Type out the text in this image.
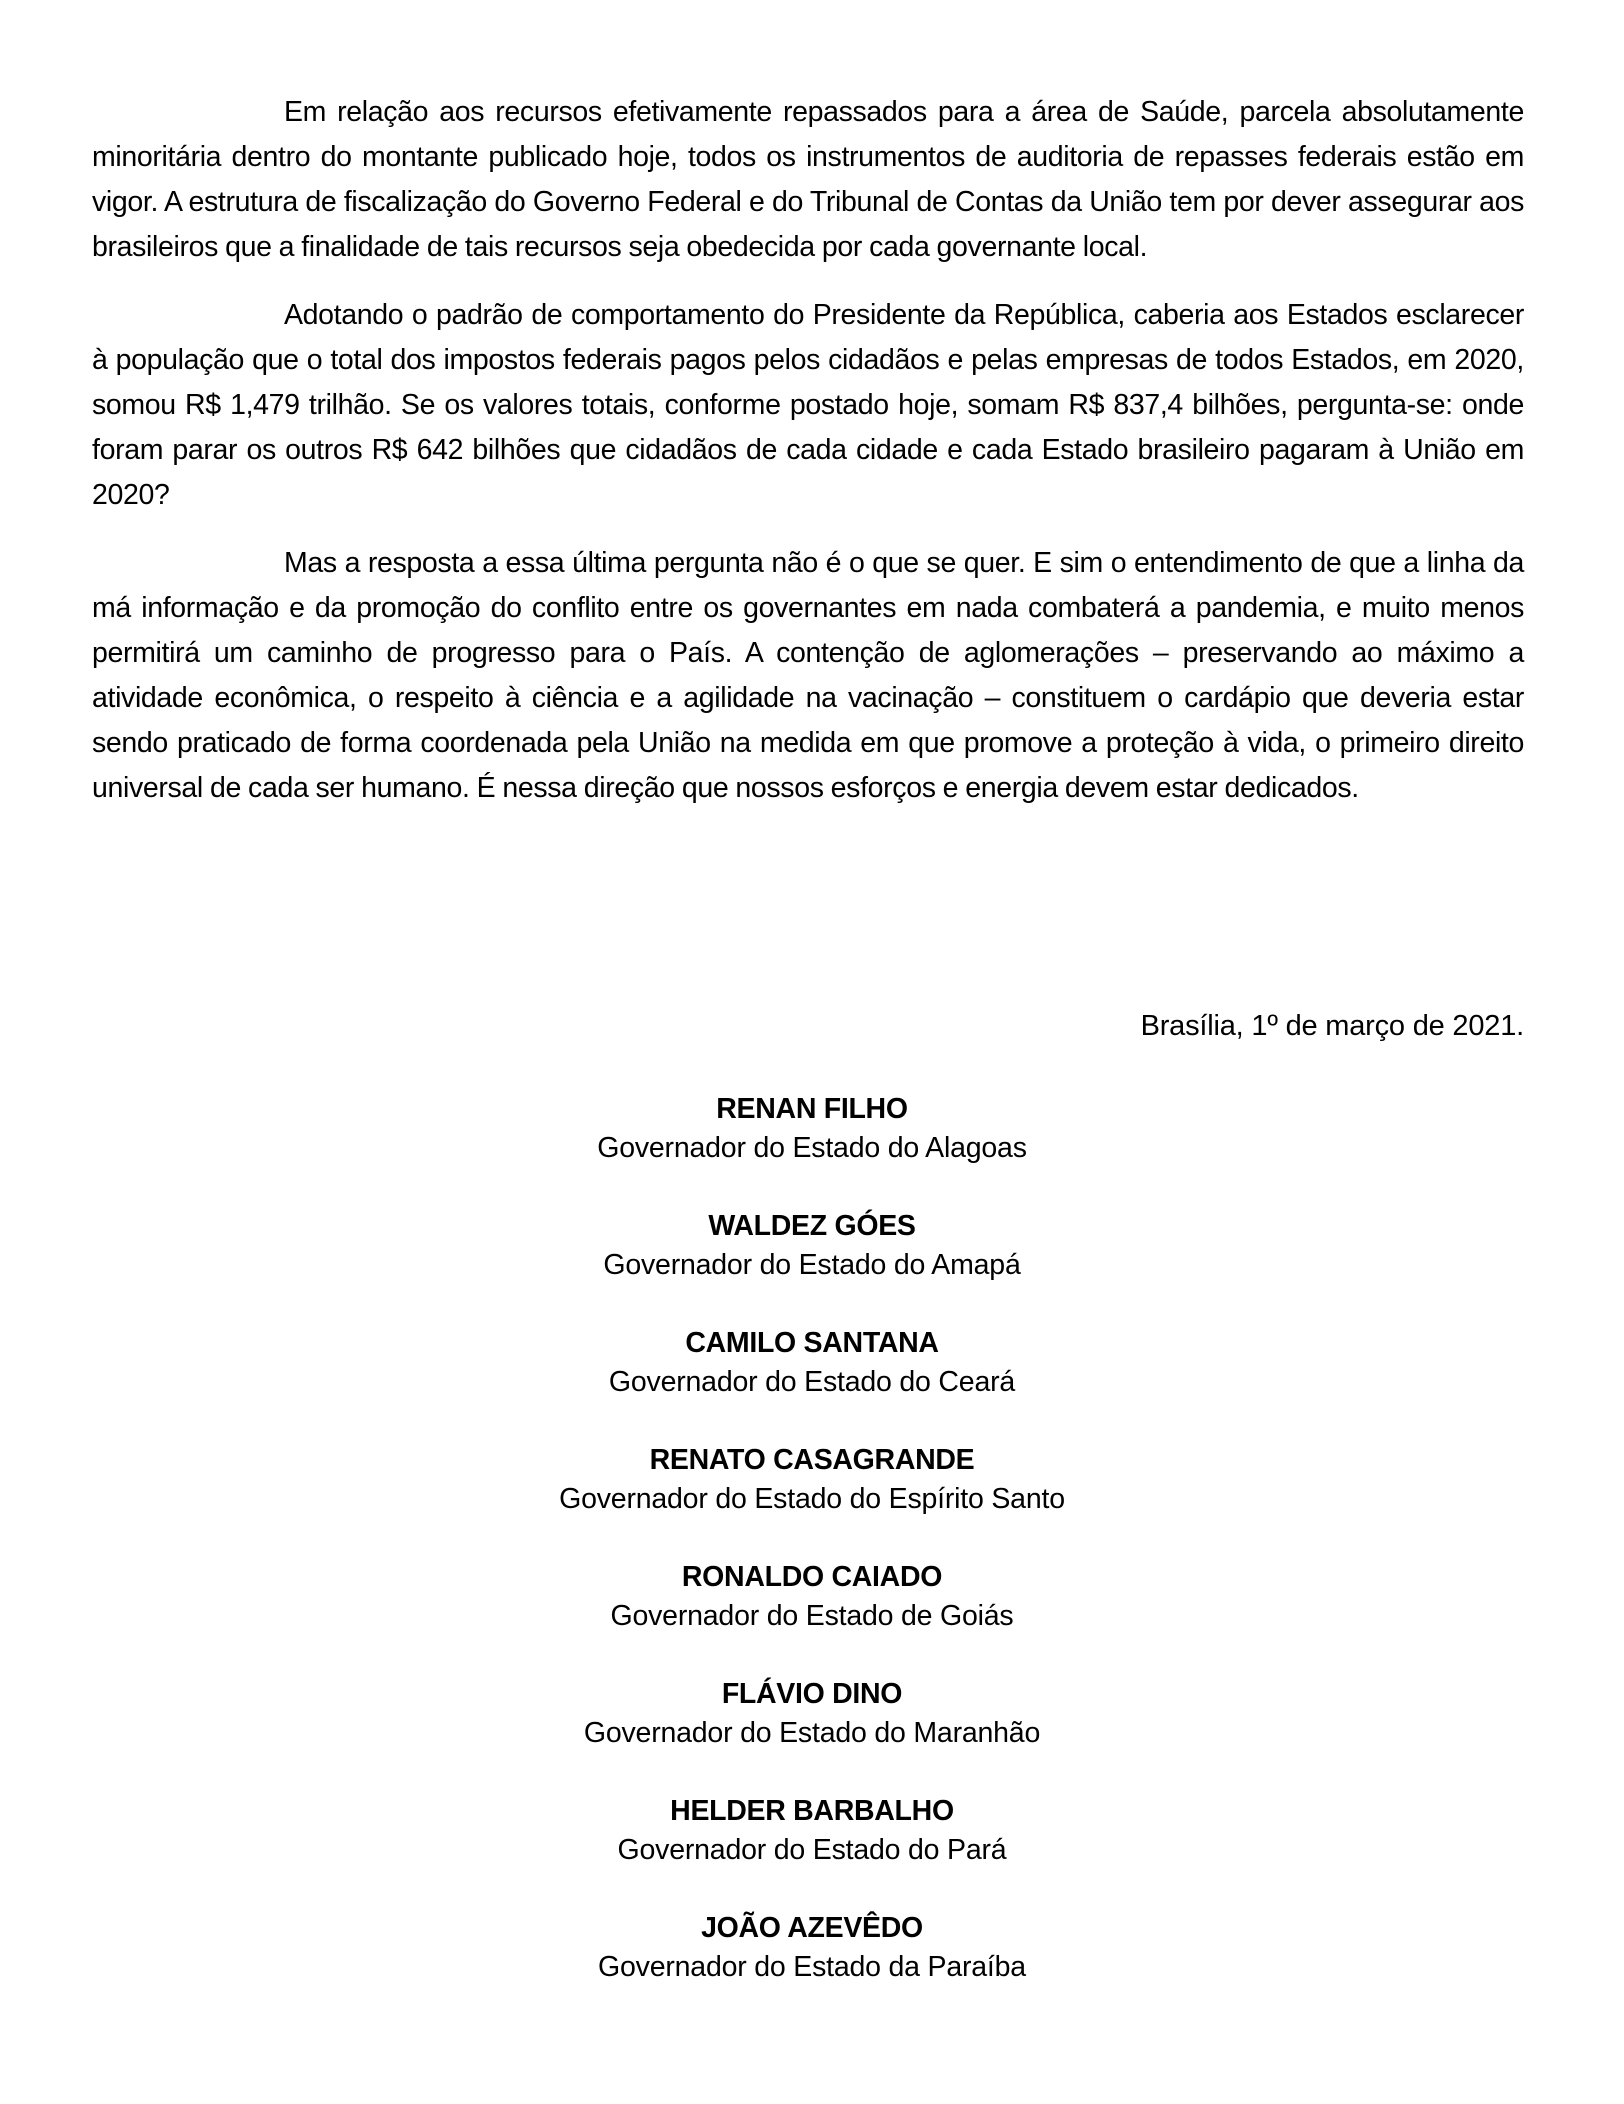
Em relação aos recursos efetivamente repassados para a área de Saúde, parcela absolutamente minoritária dentro do montante publicado hoje, todos os instrumentos de auditoria de repasses federais estão em vigor. A estrutura de fiscalização do Governo Federal e do Tribunal de Contas da União tem por dever assegurar aos brasileiros que a finalidade de tais recursos seja obedecida por cada governante local.

Adotando o padrão de comportamento do Presidente da República, caberia aos Estados esclarecer à população que o total dos impostos federais pagos pelos cidadãos e pelas empresas de todos Estados, em 2020, somou R$ 1,479 trilhão. Se os valores totais, conforme postado hoje, somam R$ 837,4 bilhões, pergunta-se: onde foram parar os outros R$ 642 bilhões que cidadãos de cada cidade e cada Estado brasileiro pagaram à União em 2020?

Mas a resposta a essa última pergunta não é o que se quer. E sim o entendimento de que a linha da má informação e da promoção do conflito entre os governantes em nada combaterá a pandemia, e muito menos permitirá um caminho de progresso para o País. A contenção de aglomerações – preservando ao máximo a atividade econômica, o respeito à ciência e a agilidade na vacinação – constituem o cardápio que deveria estar sendo praticado de forma coordenada pela União na medida em que promove a proteção à vida, o primeiro direito universal de cada ser humano. É nessa direção que nossos esforços e energia devem estar dedicados.

Brasília, 1º de março de 2021.
RENAN FILHO
Governador do Estado do Alagoas
WALDEZ GÓES
Governador do Estado do Amapá
CAMILO SANTANA
Governador do Estado do Ceará
RENATO CASAGRANDE
Governador do Estado do Espírito Santo
RONALDO CAIADO
Governador do Estado de Goiás
FLÁVIO DINO
Governador do Estado do Maranhão
HELDER BARBALHO
Governador do Estado do Pará
JOÃO AZEVÊDO
Governador do Estado da Paraíba
